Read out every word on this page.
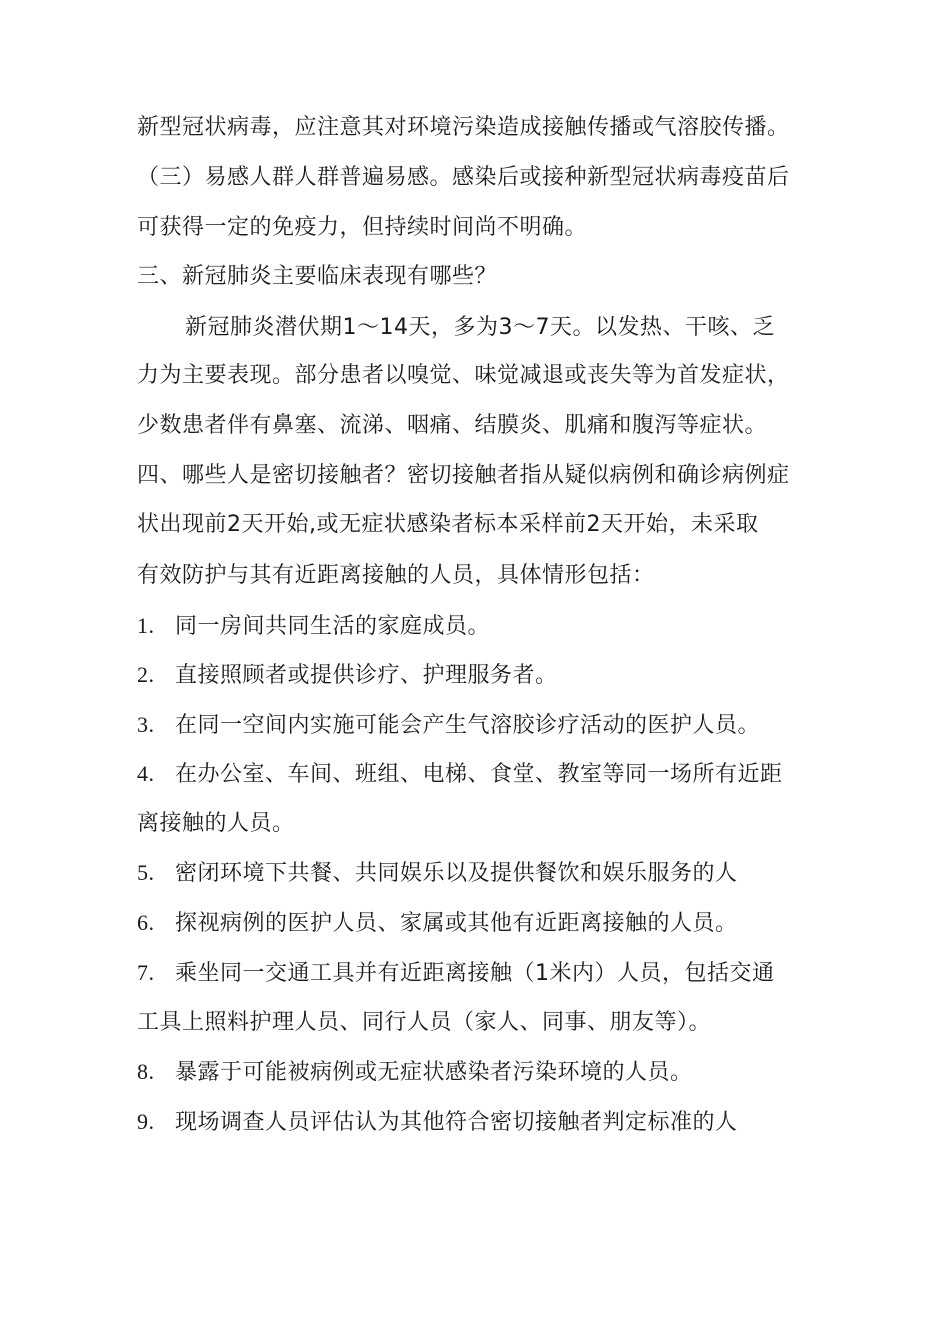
新型冠状病毒，应注意其对环境污染造成接触传播或气溶胶传播。
（三）易感人群人群普遍易感。感染后或接种新型冠状病毒疫苗后
可获得一定的免疫力，但持续时间尚不明确。
三、新冠肺炎主要临床表现有哪些？
新冠肺炎潜伏期1〜14天，多为3〜7天。以发热、干咳、乏
力为主要表现。部分患者以嗅觉、味觉减退或丧失等为首发症状，
少数患者伴有鼻塞、流涕、咽痛、结膜炎、肌痛和腹泻等症状。
四、哪些人是密切接触者？密切接触者指从疑似病例和确诊病例症
状出现前2天开始,或无症状感染者标本采样前2天开始，未采取
有效防护与其有近距离接触的人员，具体情形包括：
1. 同一房间共同生活的家庭成员。
2. 直接照顾者或提供诊疗、护理服务者。
3. 在同一空间内实施可能会产生气溶胶诊疗活动的医护人员。
4. 在办公室、车间、班组、电梯、食堂、教室等同一场所有近距
离接触的人员。
5. 密闭环境下共餐、共同娱乐以及提供餐饮和娱乐服务的人
6. 探视病例的医护人员、家属或其他有近距离接触的人员。
7. 乘坐同一交通工具并有近距离接触（1米内）人员，包括交通
工具上照料护理人员、同行人员（家人、同事、朋友等）。
8. 暴露于可能被病例或无症状感染者污染环境的人员。
9. 现场调查人员评估认为其他符合密切接触者判定标准的人
